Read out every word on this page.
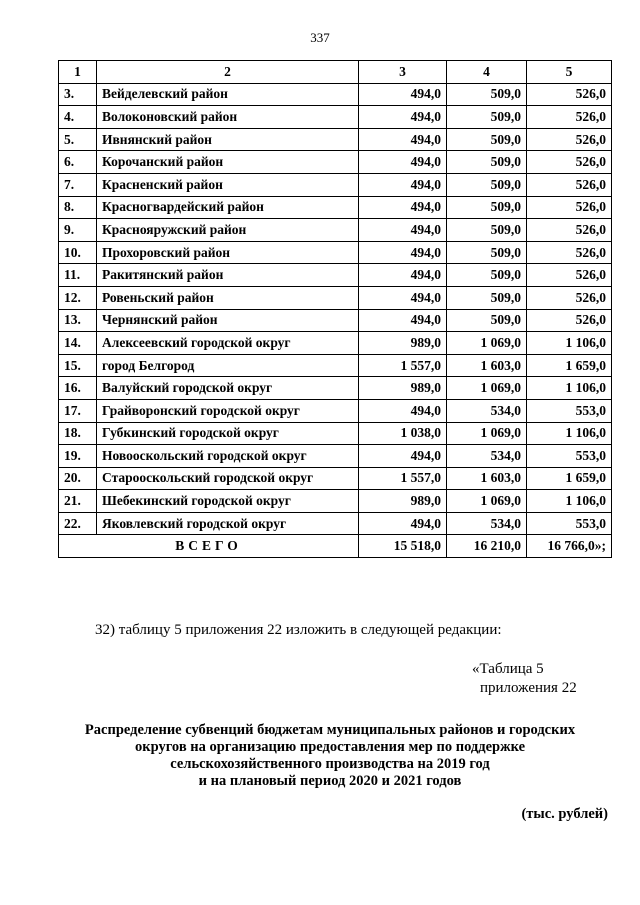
337
1	2	3	4	5
3.	Вейделевский район	494,0	509,0	526,0
4.	Волоконовский район	494,0	509,0	526,0
5.	Ивнянский район	494,0	509,0	526,0
6.	Корочанский район	494,0	509,0	526,0
7.	Красненский район	494,0	509,0	526,0
8.	Красногвардейский район	494,0	509,0	526,0
9.	Краснояружский район	494,0	509,0	526,0
10.	Прохоровский район	494,0	509,0	526,0
11.	Ракитянский район	494,0	509,0	526,0
12.	Ровеньский район	494,0	509,0	526,0
13.	Чернянский район	494,0	509,0	526,0
14.	Алексеевский городской округ	989,0	1 069,0	1 106,0
15.	город Белгород	1 557,0	1 603,0	1 659,0
16.	Валуйский городской округ	989,0	1 069,0	1 106,0
17.	Грайворонский городской округ	494,0	534,0	553,0
18.	Губкинский городской округ	1 038,0	1 069,0	1 106,0
19.	Новооскольский городской округ	494,0	534,0	553,0
20.	Старооскольский городской округ	1 557,0	1 603,0	1 659,0
21.	Шебекинский городской округ	989,0	1 069,0	1 106,0
22.	Яковлевский городской округ	494,0	534,0	553,0
ВСЕГО		15 518,0	16 210,0	16 766,0»;
32) таблицу 5 приложения 22 изложить в следующей редакции:
«Таблица 5
приложения 22
Распределение субвенций бюджетам муниципальных районов и городских
округов на организацию предоставления мер по поддержке
сельскохозяйственного производства на 2019 год
и на плановый период 2020 и 2021 годов
(тыс. рублей)
